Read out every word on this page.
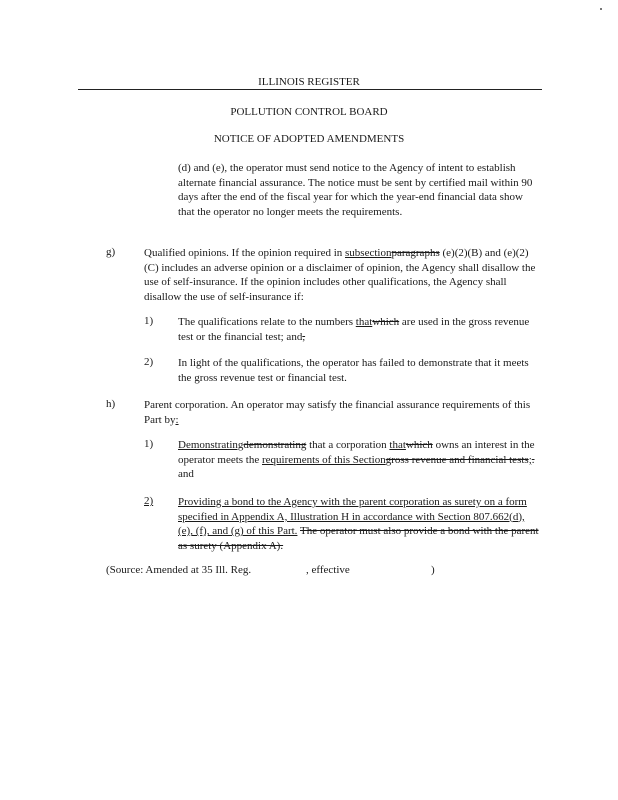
ILLINOIS REGISTER
POLLUTION CONTROL BOARD
NOTICE OF ADOPTED AMENDMENTS
(d) and (e), the operator must send notice to the Agency of intent to establish alternate financial assurance. The notice must be sent by certified mail within 90 days after the end of the fiscal year for which the year-end financial data show that the operator no longer meets the requirements.
g)	Qualified opinions. If the opinion required in subsectionparagraphs (e)(2)(B) and (e)(2)(C) includes an adverse opinion or a disclaimer of opinion, the Agency shall disallow the use of self-insurance. If the opinion includes other qualifications, the Agency shall disallow the use of self-insurance if:
1) The qualifications relate to the numbers thatwhich are used in the gross revenue test or the financial test; and,
2) In light of the qualifications, the operator has failed to demonstrate that it meets the gross revenue test or financial test.
h)	Parent corporation. An operator may satisfy the financial assurance requirements of this Part by:
1) Demonstratingdemonstrating that a corporation thatwhich owns an interest in the operator meets the requirements of this Sectiongross revenue and financial tests;. and
2) Providing a bond to the Agency with the parent corporation as surety on a form specified in Appendix A, Illustration H in accordance with Section 807.662(d), (e), (f), and (g) of this Part. The operator must also provide a bond with the parent as surety (Appendix A).
(Source: Amended at 35 Ill. Reg.	, effective	)
